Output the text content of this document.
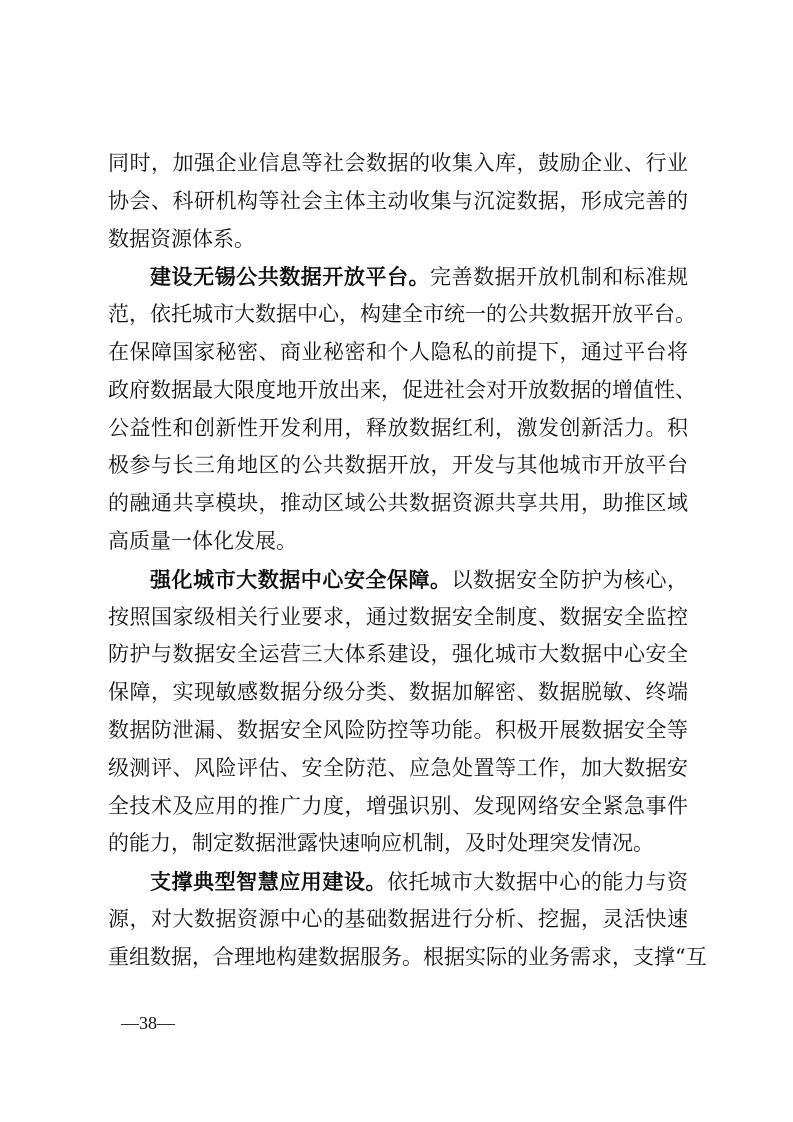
同时，加强企业信息等社会数据的收集入库，鼓励企业、行业
协会、科研机构等社会主体主动收集与沉淀数据，形成完善的
数据资源体系。
建设无锡公共数据开放平台。完善数据开放机制和标准规
范，依托城市大数据中心，构建全市统一的公共数据开放平台。
在保障国家秘密、商业秘密和个人隐私的前提下，通过平台将
政府数据最大限度地开放出来，促进社会对开放数据的增值性、
公益性和创新性开发利用，释放数据红利，激发创新活力。积
极参与长三角地区的公共数据开放，开发与其他城市开放平台
的融通共享模块，推动区域公共数据资源共享共用，助推区域
高质量一体化发展。
强化城市大数据中心安全保障。以数据安全防护为核心，
按照国家级相关行业要求，通过数据安全制度、数据安全监控
防护与数据安全运营三大体系建设，强化城市大数据中心安全
保障，实现敏感数据分级分类、数据加解密、数据脱敏、终端
数据防泄漏、数据安全风险防控等功能。积极开展数据安全等
级测评、风险评估、安全防范、应急处置等工作，加大数据安
全技术及应用的推广力度，增强识别、发现网络安全紧急事件
的能力，制定数据泄露快速响应机制，及时处理突发情况。
支撑典型智慧应用建设。依托城市大数据中心的能力与资
源，对大数据资源中心的基础数据进行分析、挖掘，灵活快速
重组数据，合理地构建数据服务。根据实际的业务需求，支撑“互
—38—
